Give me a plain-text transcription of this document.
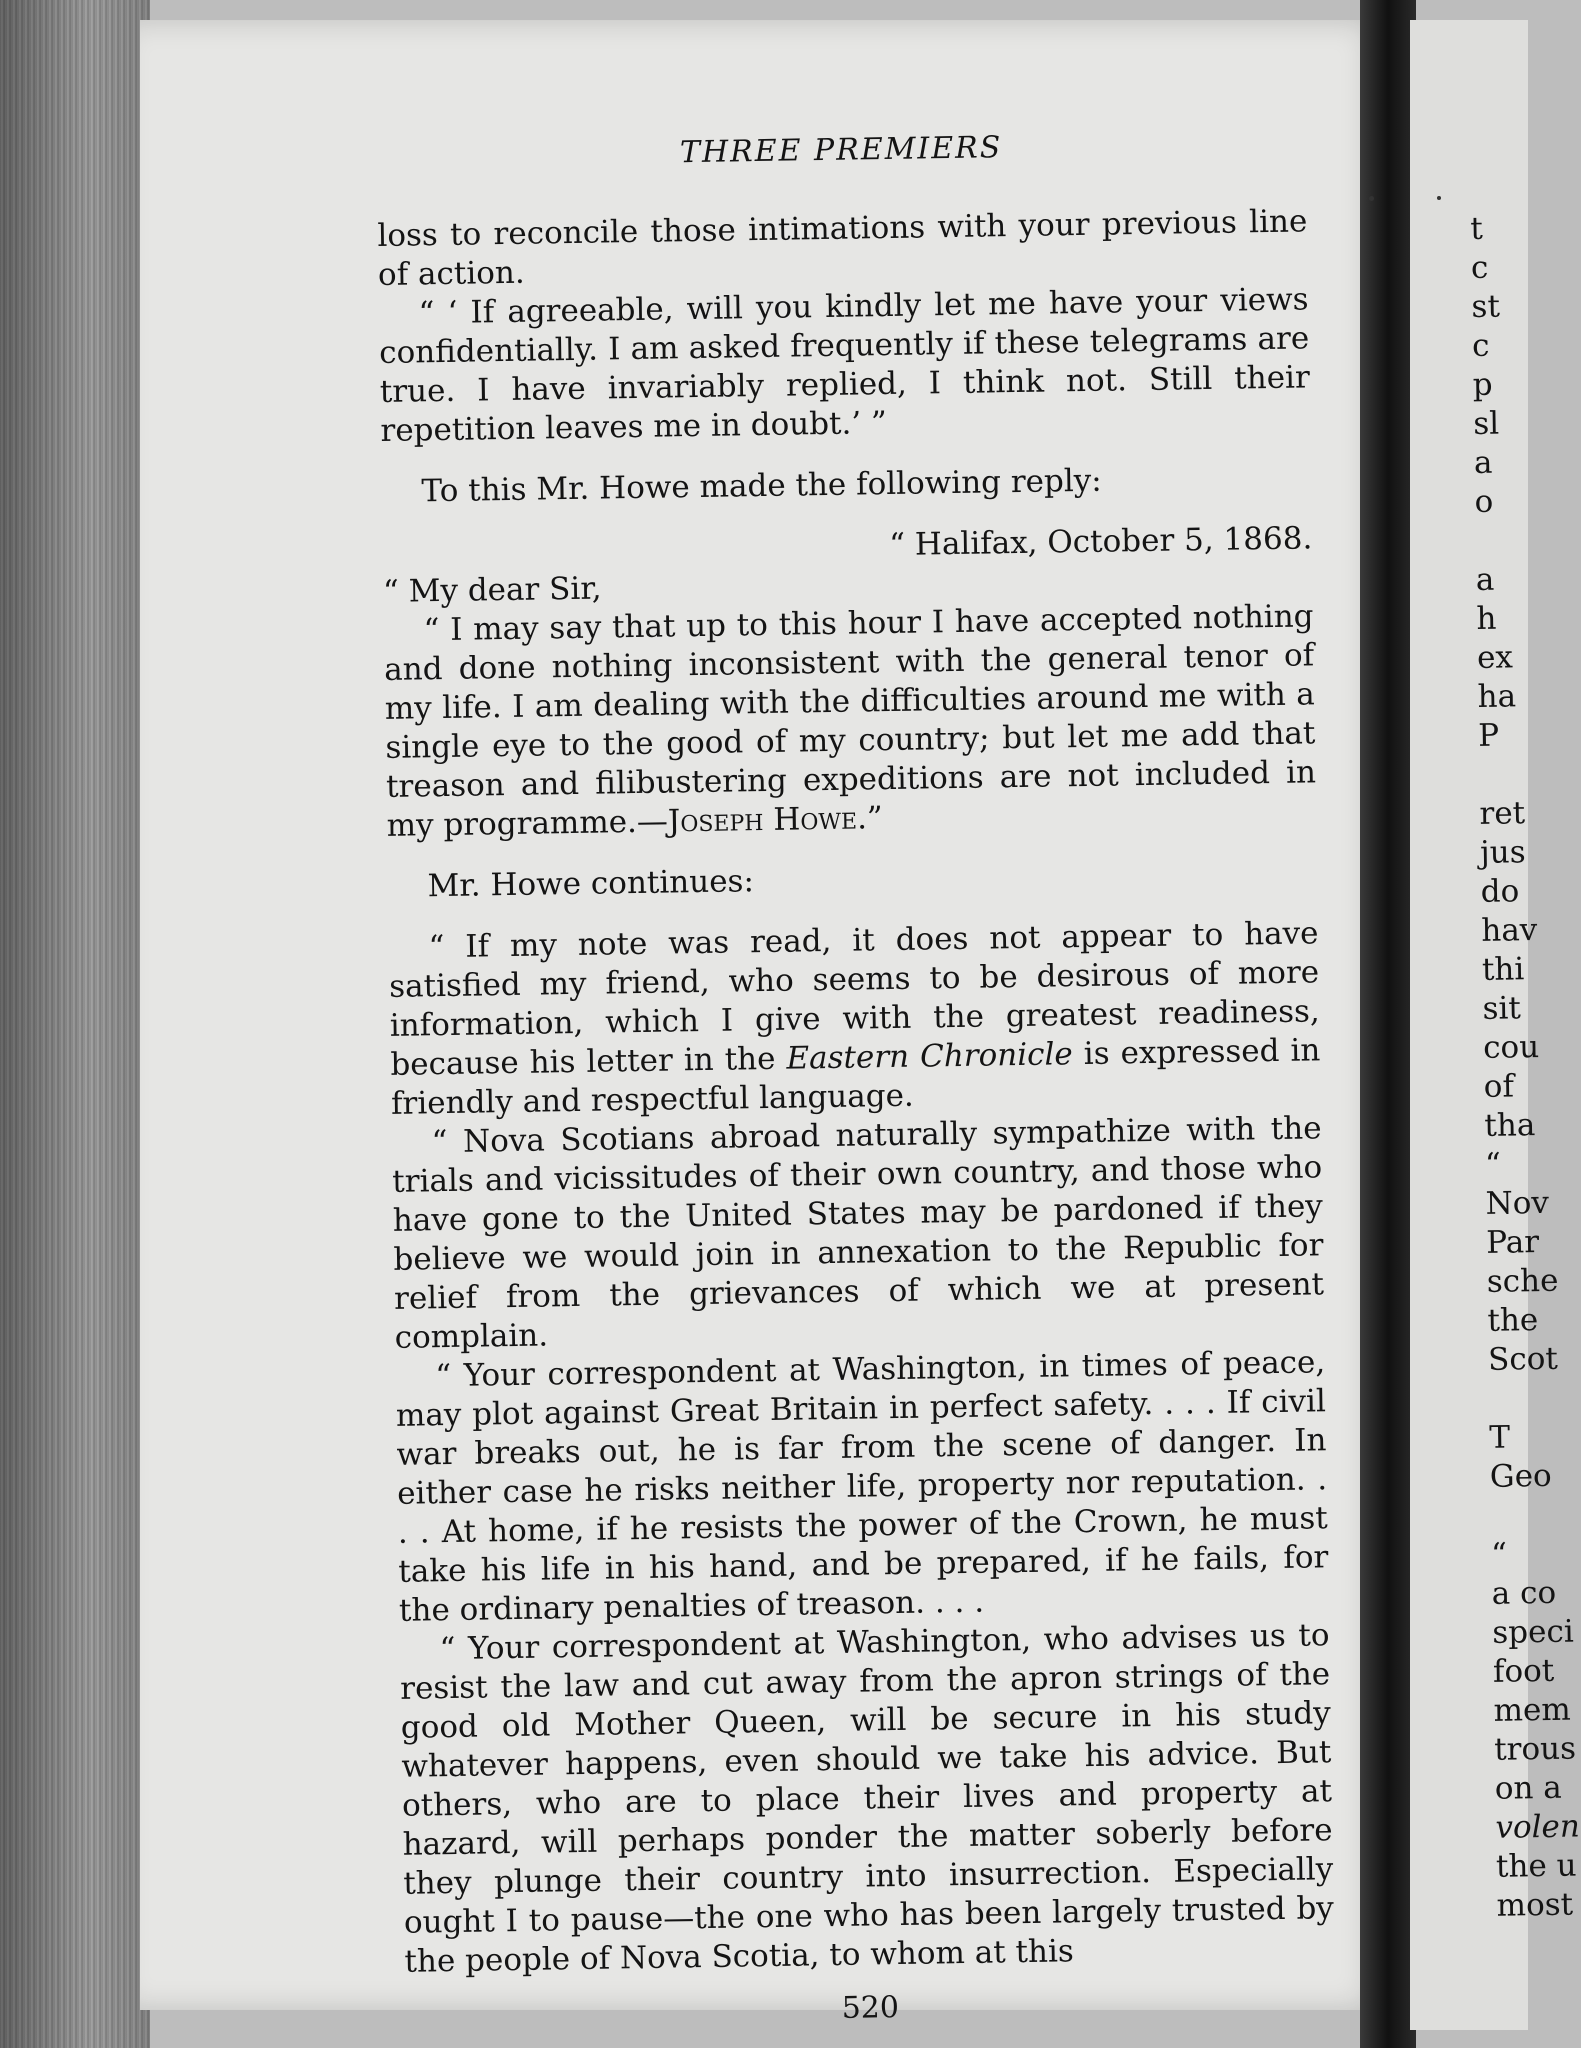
THREE PREMIERS

loss to reconcile those intimations with your previous line of action.

“ ‘ If agreeable, will you kindly let me have your views confidentially. I am asked frequently if these telegrams are true. I have invariably replied, I think not. Still their repetition leaves me in doubt.’ ”

To this Mr. Howe made the following reply:

“ Halifax, October 5, 1868.

“ My dear Sir,

“ I may say that up to this hour I have accepted nothing and done nothing inconsistent with the general tenor of my life. I am dealing with the difficulties around me with a single eye to the good of my country; but let me add that treason and filibustering expeditions are not included in my programme.—Joseph Howe.”

Mr. Howe continues:

“ If my note was read, it does not appear to have satisfied my friend, who seems to be desirous of more information, which I give with the greatest readiness, because his letter in the Eastern Chronicle is expressed in friendly and respectful language.

“ Nova Scotians abroad naturally sympathize with the trials and vicissitudes of their own country, and those who have gone to the United States may be pardoned if they believe we would join in annexation to the Republic for relief from the grievances of which we at present complain.

“ Your correspondent at Washington, in times of peace, may plot against Great Britain in perfect safety. . . . If civil war breaks out, he is far from the scene of danger. In either case he risks neither life, property nor reputation. . . . At home, if he resists the power of the Crown, he must take his life in his hand, and be prepared, if he fails, for the ordinary penalties of treason. . . .

“ Your correspondent at Washington, who advises us to resist the law and cut away from the apron strings of the good old Mother Queen, will be secure in his study whatever happens, even should we take his advice. But others, who are to place their lives and property at hazard, will perhaps ponder the matter soberly before they plunge their country into insurrection. Especially ought I to pause—the one who has been largely trusted by the people of Nova Scotia, to whom at this

520
t
c
st
c
p
sl
a
o

a
h
ex
ha
P

ret
jus
do
hav
thi
sit
cou
of
tha
“
Nov
Par
sche
the
Scot

T
Geo

“
a co
speci
foot
mem
trous
on a
volen
the u
most
